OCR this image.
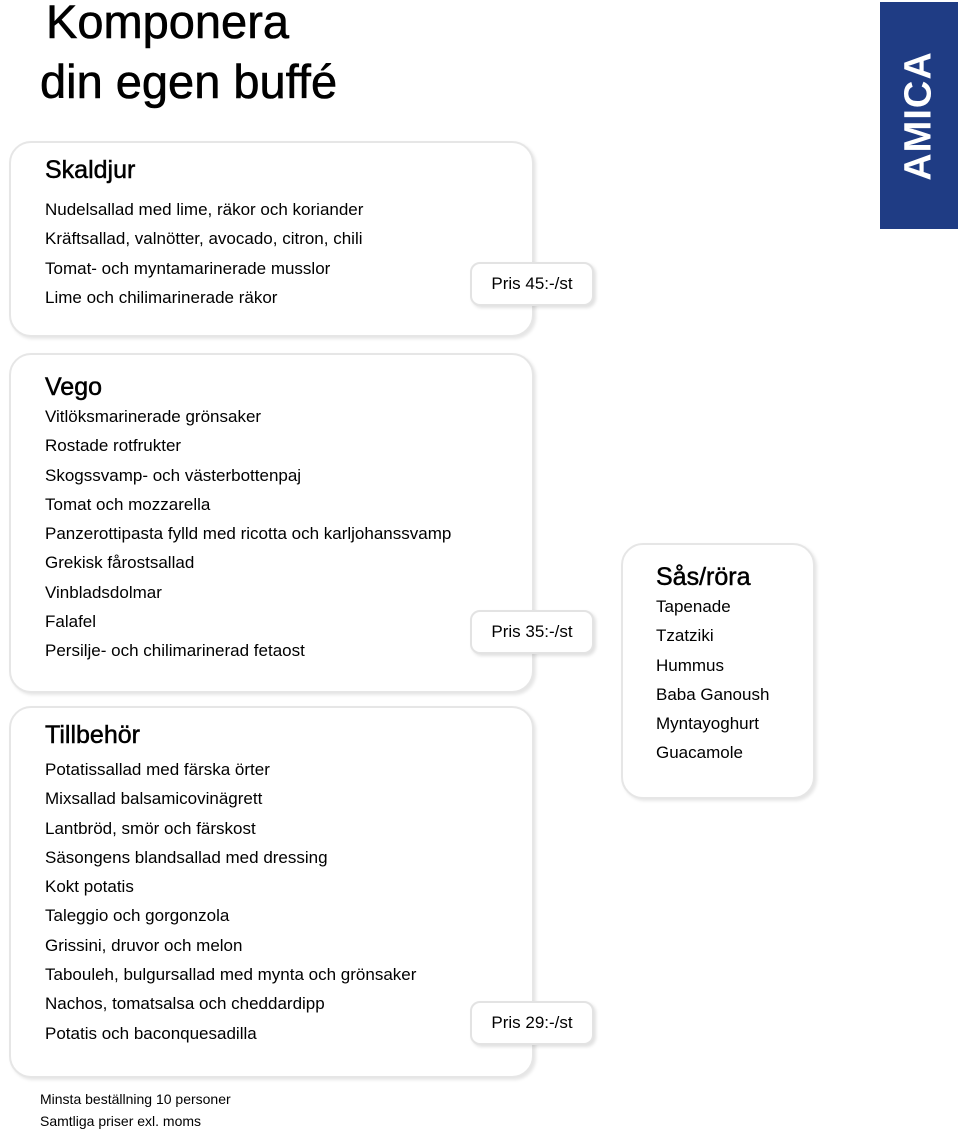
Komponera
din egen buffé	AMICA
Skaldjur
Nudelsallad med lime, räkor och koriander
Kräftsallad, valnötter, avocado, citron, chili
Tomat- och myntamarinerade musslor
Lime och chilimarinerade räkor
Pris 45:-/st
Vego
Vitlöksmarinerade grönsaker
Rostade rotfrukter
Skogssvamp- och västerbottenpaj
Tomat och mozzarella
Panzerottipasta fylld med ricotta och karljohanssvamp
Grekisk fårostsallad
Vinbladsdolmar
Falafel
Persilje- och chilimarinerad fetaost
Pris 35:-/st
Tillbehör
Potatissallad med färska örter
Mixsallad balsamicovinägrett
Lantbröd, smör och färskost
Säsongens blandsallad med dressing
Kokt potatis
Taleggio och gorgonzola
Grissini, druvor och melon
Tabouleh, bulgursallad med mynta och grönsaker
Nachos, tomatsalsa och cheddardipp
Potatis och baconquesadilla
Pris 29:-/st
Sås/röra
Tapenade
Tzatziki
Hummus
Baba Ganoush
Myntayoghurt
Guacamole
Minsta beställning 10 personer
Samtliga priser exl. moms
